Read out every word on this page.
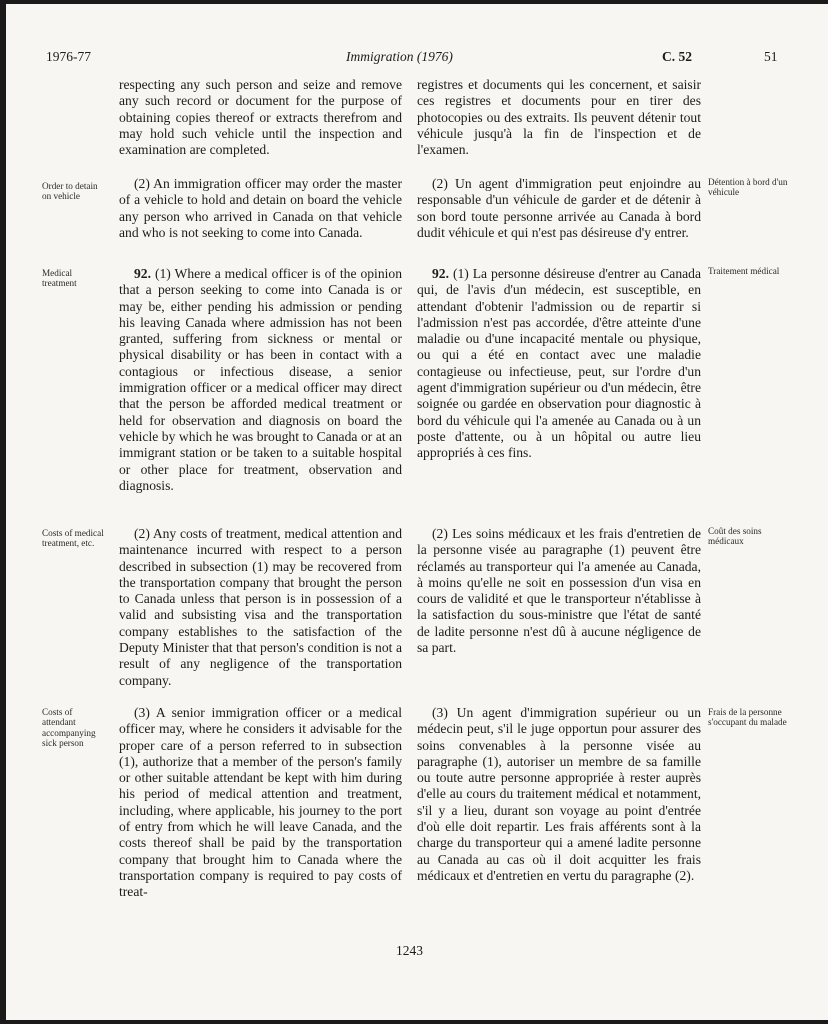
1976-77	Immigration (1976)	C. 52	51
Order to detain on vehicle
Medical treatment
Costs of medical treatment, etc.
Costs of attendant accompanying sick person

respecting any such person and seize and remove any such record or document for the purpose of obtaining copies thereof or extracts therefrom and may hold such vehicle until the inspection and examination are completed.

(2) An immigration officer may order the master of a vehicle to hold and detain on board the vehicle any person who arrived in Canada on that vehicle and who is not seeking to come into Canada.

92. (1) Where a medical officer is of the opinion that a person seeking to come into Canada is or may be, either pending his admission or pending his leaving Canada where admission has not been granted, suffering from sickness or mental or physical disability or has been in contact with a contagious or infectious disease, a senior immigration officer or a medical officer may direct that the person be afforded medical treatment or held for observation and diagnosis on board the vehicle by which he was brought to Canada or at an immigrant station or be taken to a suitable hospital or other place for treatment, observation and diagnosis.

(2) Any costs of treatment, medical attention and maintenance incurred with respect to a person described in subsection (1) may be recovered from the transportation company that brought the person to Canada unless that person is in possession of a valid and subsisting visa and the transportation company establishes to the satisfaction of the Deputy Minister that that person's condition is not a result of any negligence of the transportation company.

(3) A senior immigration officer or a medical officer may, where he considers it advisable for the proper care of a person referred to in subsection (1), authorize that a member of the person's family or other suitable attendant be kept with him during his period of medical attention and treatment, including, where applicable, his journey to the port of entry from which he will leave Canada, and the costs thereof shall be paid by the transportation company that brought him to Canada where the transportation company is required to pay costs of treat-

registres et documents qui les concernent, et saisir ces registres et documents pour en tirer des photocopies ou des extraits. Ils peuvent détenir tout véhicule jusqu'à la fin de l'inspection et de l'examen.

(2) Un agent d'immigration peut enjoindre au responsable d'un véhicule de garder et de détenir à son bord toute personne arrivée au Canada à bord dudit véhicule et qui n'est pas désireuse d'y entrer.

92. (1) La personne désireuse d'entrer au Canada qui, de l'avis d'un médecin, est susceptible, en attendant d'obtenir l'admission ou de repartir si l'admission n'est pas accordée, d'être atteinte d'une maladie ou d'une incapacité mentale ou physique, ou qui a été en contact avec une maladie contagieuse ou infectieuse, peut, sur l'ordre d'un agent d'immigration supérieur ou d'un médecin, être soignée ou gardée en observation pour diagnostic à bord du véhicule qui l'a amenée au Canada ou à un poste d'attente, ou à un hôpital ou autre lieu appropriés à ces fins.

(2) Les soins médicaux et les frais d'entretien de la personne visée au paragraphe (1) peuvent être réclamés au transporteur qui l'a amenée au Canada, à moins qu'elle ne soit en possession d'un visa en cours de validité et que le transporteur n'établisse à la satisfaction du sous-ministre que l'état de santé de ladite personne n'est dû à aucune négligence de sa part.

(3) Un agent d'immigration supérieur ou un médecin peut, s'il le juge opportun pour assurer des soins convenables à la personne visée au paragraphe (1), autoriser un membre de sa famille ou toute autre personne appropriée à rester auprès d'elle au cours du traitement médical et notamment, s'il y a lieu, durant son voyage au point d'entrée d'où elle doit repartir. Les frais afférents sont à la charge du transporteur qui a amené ladite personne au Canada au cas où il doit acquitter les frais médicaux et d'entretien en vertu du paragraphe (2).

Détention à bord d'un véhicule
Traitement médical
Coût des soins médicaux
Frais de la personne s'occupant du malade
1243
